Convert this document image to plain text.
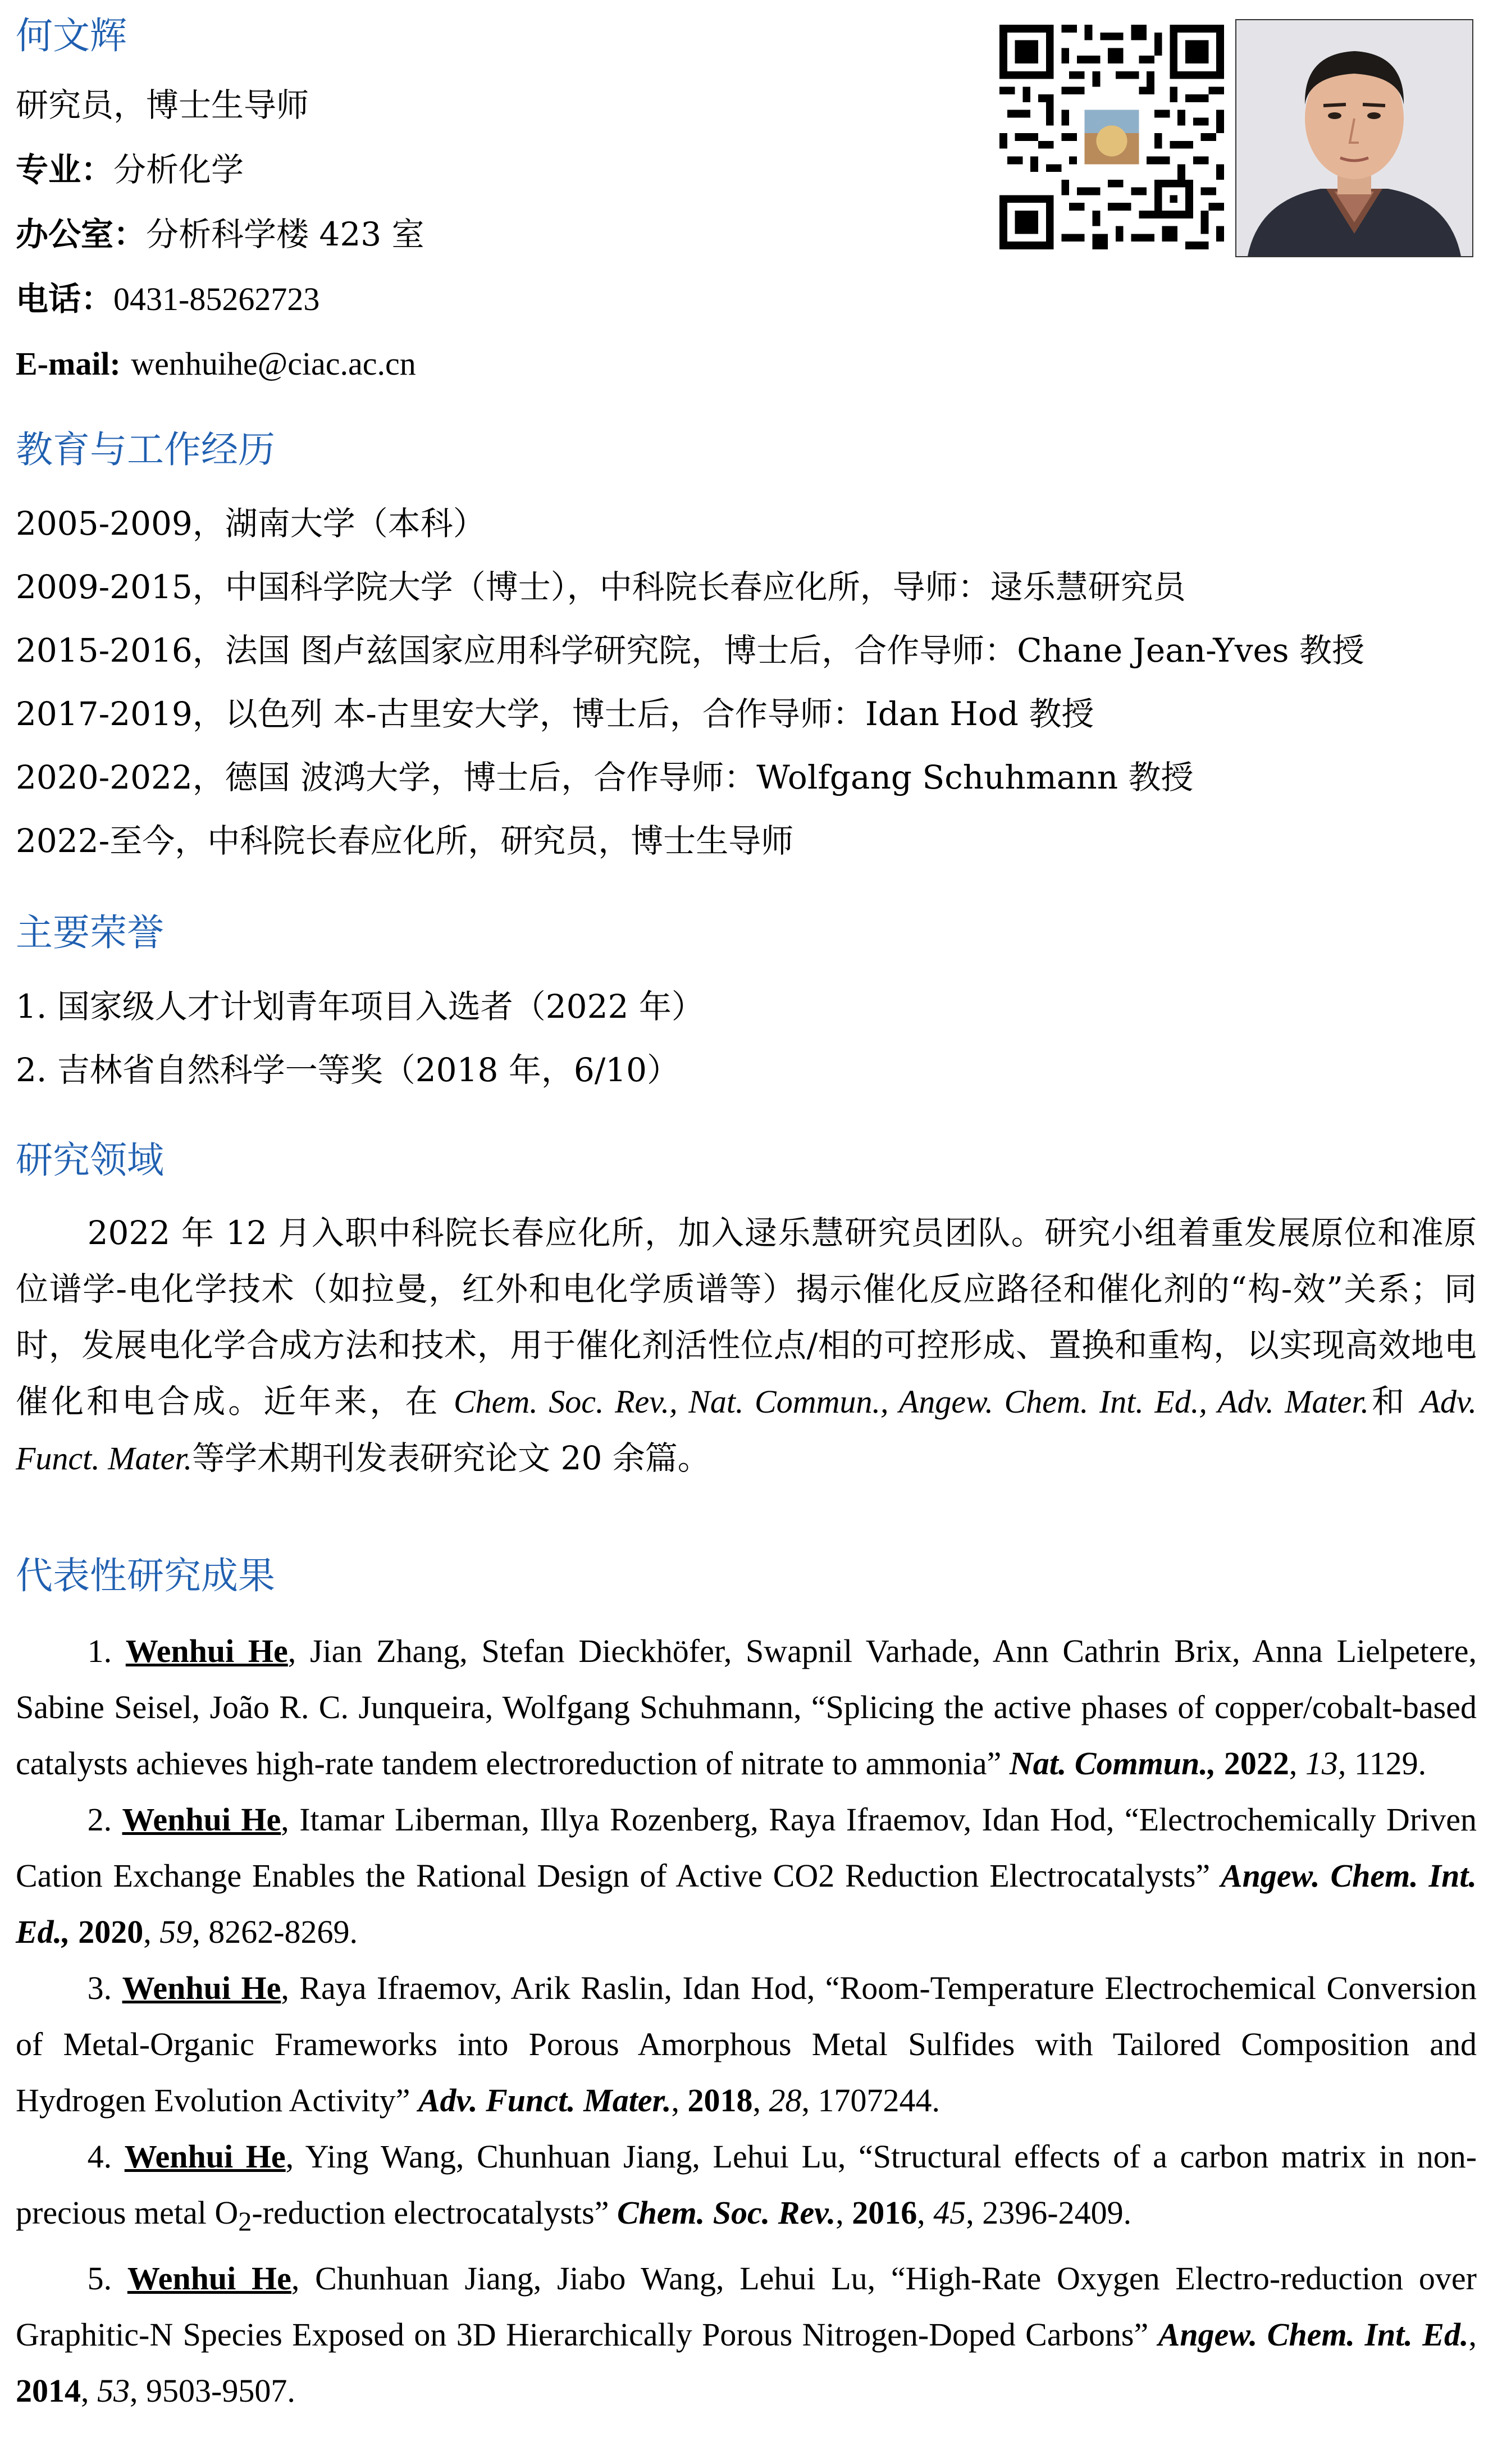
何文辉
研究员，博士生导师
专业：分析化学
办公室：分析科学楼 423 室
电话：0431-85262723
E-mail: wenhuihe@ciac.ac.cn
教育与工作经历
2005-2009，湖南大学（本科）
2009-2015，中国科学院大学（博士），中科院长春应化所，导师：逯乐慧研究员
2015-2016，法国 图卢兹国家应用科学研究院，博士后，合作导师：Chane Jean-Yves 教授
2017-2019，以色列 本-古里安大学，博士后，合作导师：Idan Hod 教授
2020-2022，德国 波鸿大学，博士后，合作导师：Wolfgang Schuhmann 教授
2022-至今，中科院长春应化所，研究员，博士生导师
主要荣誉
1. 国家级人才计划青年项目入选者（2022 年）
2. 吉林省自然科学一等奖（2018 年，6/10）
研究领域
2022 年 12 月入职中科院长春应化所，加入逯乐慧研究员团队。研究小组着重发展原位和准原位谱学-电化学技术（如拉曼，红外和电化学质谱等）揭示催化反应路径和催化剂的“构-效”关系；同时，发展电化学合成方法和技术，用于催化剂活性位点/相的可控形成、置换和重构，以实现高效地电催化和电合成。近年来，在 Chem. Soc. Rev., Nat. Commun., Angew. Chem. Int. Ed., Adv. Mater.和 Adv. Funct. Mater.等学术期刊发表研究论文 20 余篇。
代表性研究成果
1. Wenhui He, Jian Zhang, Stefan Dieckhöfer, Swapnil Varhade, Ann Cathrin Brix, Anna Lielpetere, Sabine Seisel, João R. C. Junqueira, Wolfgang Schuhmann, “Splicing the active phases of copper/cobalt-based catalysts achieves high-rate tandem electroreduction of nitrate to ammonia” Nat. Commun., 2022, 13, 1129.
2. Wenhui He, Itamar Liberman, Illya Rozenberg, Raya Ifraemov, Idan Hod, “Electrochemically Driven Cation Exchange Enables the Rational Design of Active CO2 Reduction Electrocatalysts” Angew. Chem. Int. Ed., 2020, 59, 8262-8269.
3. Wenhui He, Raya Ifraemov, Arik Raslin, Idan Hod, “Room-Temperature Electrochemical Conversion of Metal-Organic Frameworks into Porous Amorphous Metal Sulfides with Tailored Composition and Hydrogen Evolution Activity” Adv. Funct. Mater., 2018, 28, 1707244.
4. Wenhui He, Ying Wang, Chunhuan Jiang, Lehui Lu, “Structural effects of a carbon matrix in non-precious metal $O_2$-reduction electrocatalysts” Chem. Soc. Rev., 2016, 45, 2396-2409.
5. Wenhui He, Chunhuan Jiang, Jiabo Wang, Lehui Lu, “High-Rate Oxygen Electro-reduction over Graphitic-N Species Exposed on 3D Hierarchically Porous Nitrogen-Doped Carbons” Angew. Chem. Int. Ed., 2014, 53, 9503-9507.
